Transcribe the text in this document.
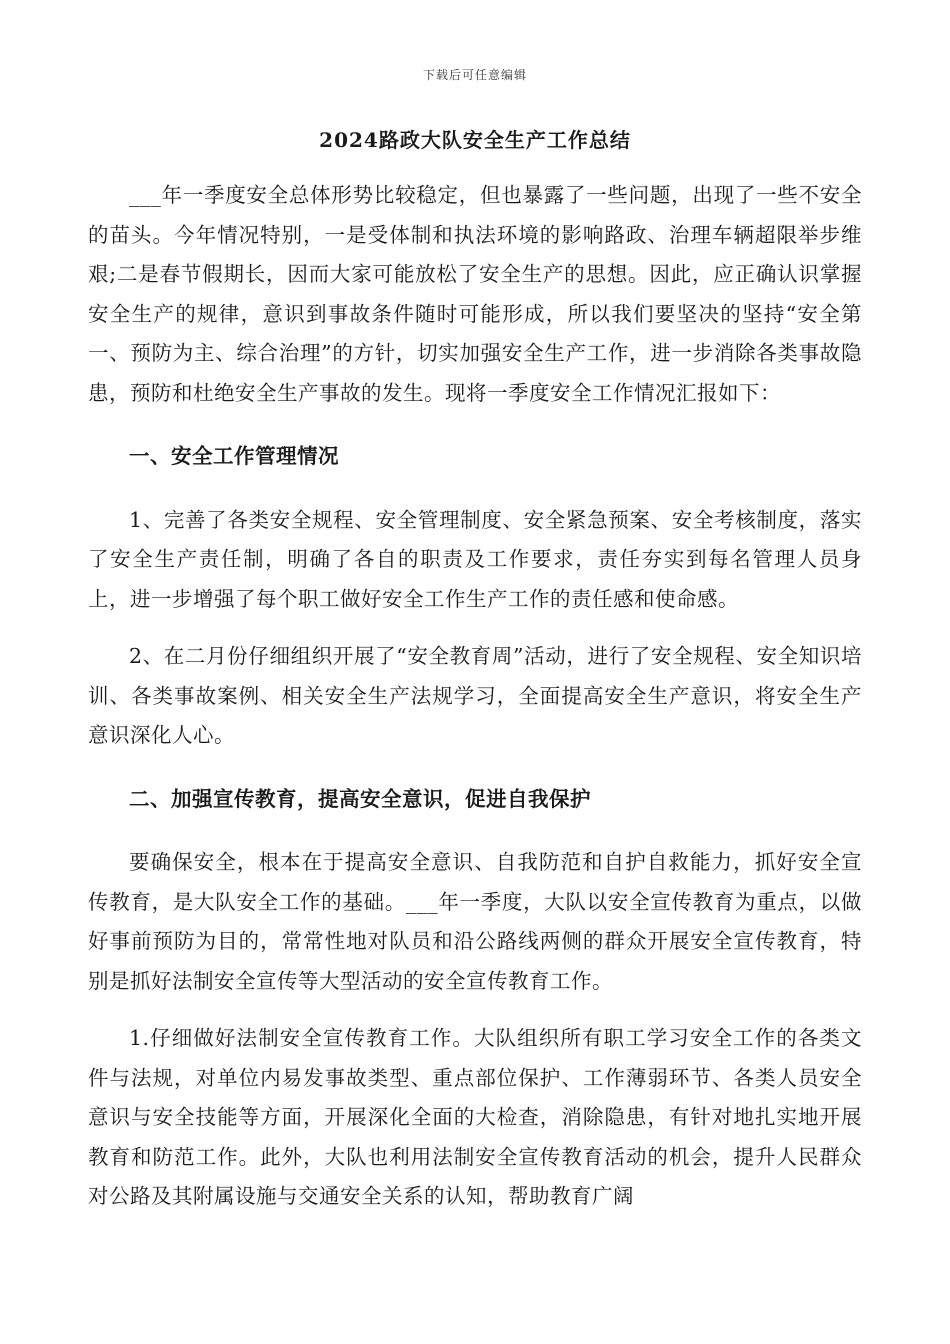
下载后可任意编辑
2024路政大队安全生产工作总结

___年一季度安全总体形势比较稳定，但也暴露了一些问题，出现了一些不安全的苗头。今年情况特别，一是受体制和执法环境的影响路政、治理车辆超限举步维艰;二是春节假期长，因而大家可能放松了安全生产的思想。因此，应正确认识掌握安全生产的规律，意识到事故条件随时可能形成，所以我们要坚决的坚持“安全第一、预防为主、综合治理”的方针，切实加强安全生产工作，进一步消除各类事故隐患，预防和杜绝安全生产事故的发生。现将一季度安全工作情况汇报如下：

一、安全工作管理情况

1、完善了各类安全规程、安全管理制度、安全紧急预案、安全考核制度，落实了安全生产责任制，明确了各自的职责及工作要求，责任夯实到每名管理人员身上，进一步增强了每个职工做好安全工作生产工作的责任感和使命感。

2、在二月份仔细组织开展了“安全教育周”活动，进行了安全规程、安全知识培训、各类事故案例、相关安全生产法规学习，全面提高安全生产意识，将安全生产意识深化人心。

二、加强宣传教育，提高安全意识，促进自我保护

要确保安全，根本在于提高安全意识、自我防范和自护自救能力，抓好安全宣传教育，是大队安全工作的基础。___年一季度，大队以安全宣传教育为重点，以做好事前预防为目的，常常性地对队员和沿公路线两侧的群众开展安全宣传教育，特别是抓好法制安全宣传等大型活动的安全宣传教育工作。

1.仔细做好法制安全宣传教育工作。大队组织所有职工学习安全工作的各类文件与法规，对单位内易发事故类型、重点部位保护、工作薄弱环节、各类人员安全意识与安全技能等方面，开展深化全面的大检查，消除隐患，有针对地扎实地开展教育和防范工作。此外，大队也利用法制安全宣传教育活动的机会，提升人民群众对公路及其附属设施与交通安全关系的认知，帮助教育广阔
